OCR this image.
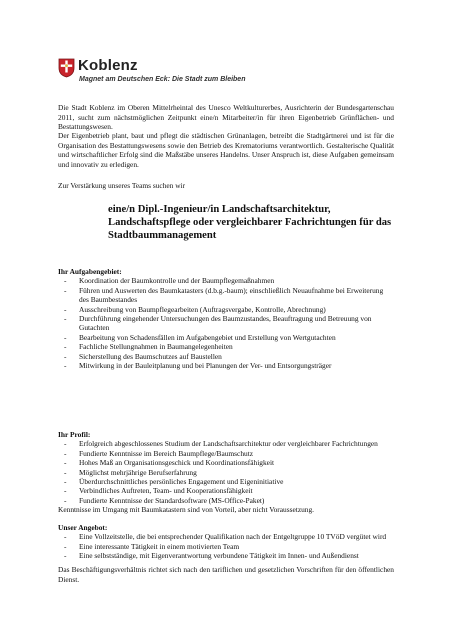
Koblenz
Magnet am Deutschen Eck: Die Stadt zum Bleiben
Die Stadt Koblenz im Oberen Mittelrheintal des Unesco Weltkulturerbes, Ausrichterin der Bundesgartenschau 2011, sucht zum nächstmöglichen Zeitpunkt eine/n Mitarbeiter/in für ihren Eigenbetrieb Grünflächen- und Bestattungswesen.
Der Eigenbetrieb plant, baut und pflegt die städtischen Grünanlagen, betreibt die Stadtgärtnerei und ist für die Organisation des Bestattungswesens sowie den Betrieb des Krematoriums verantwortlich. Gestalterische Qualität und wirtschaftlicher Erfolg sind die Maßstäbe unseres Handelns. Unser Anspruch ist, diese Aufgaben gemeinsam und innovativ zu erledigen.
Zur Verstärkung unseres Teams suchen wir
eine/n Dipl.-Ingenieur/in Landschaftsarchitektur, Landschaftspflege oder vergleichbarer Fachrichtungen für das Stadtbaummanagement

Ihr Aufgabengebiet:

- Koordination der Baumkontrolle und der Baumpflegemaßnahmen
- Führen und Auswerten des Baumkatasters (d.b.g.-baum); einschließlich Neuaufnahme bei Erweiterung des Baumbestandes
- Ausschreibung von Baumpflegearbeiten (Auftragsvergabe, Kontrolle, Abrechnung)
- Durchführung eingehender Untersuchungen des Baumzustandes, Beauftragung und Betreuung von Gutachten
- Bearbeitung von Schadensfällen im Aufgabengebiet und Erstellung von Wertgutachten
- Fachliche Stellungnahmen in Baumangelegenheiten
- Sicherstellung des Baumschutzes auf Baustellen
- Mitwirkung in der Bauleitplanung und bei Planungen der Ver- und Entsorgungsträger

Ihr Profil:

- Erfolgreich abgeschlossenes Studium der Landschaftsarchitektur oder vergleichbarer Fachrichtungen
- Fundierte Kenntnisse im Bereich Baumpflege/Baumschutz
- Hohes Maß an Organisationsgeschick und Koordinationsfähigkeit
- Möglichst mehrjährige Berufserfahrung
- Überdurchschnittliches persönliches Engagement und Eigeninitiative
- Verbindliches Auftreten, Team- und Kooperationsfähigkeit
- Fundierte Kenntnisse der Standardsoftware (MS-Office-Paket)
Kenntnisse im Umgang mit Baumkatastern sind von Vorteil, aber nicht Voraussetzung.

Unser Angebot:

- Eine Vollzeitstelle, die bei entsprechender Qualifikation nach der Entgeltgruppe 10 TVöD vergütet wird
- Eine interessante Tätigkeit in einem motivierten Team
- Eine selbstständige, mit Eigenverantwortung verbundene Tätigkeit im Innen- und Außendienst
Das Beschäftigungsverhältnis richtet sich nach den tariflichen und gesetzlichen Vorschriften für den öffentlichen Dienst.
